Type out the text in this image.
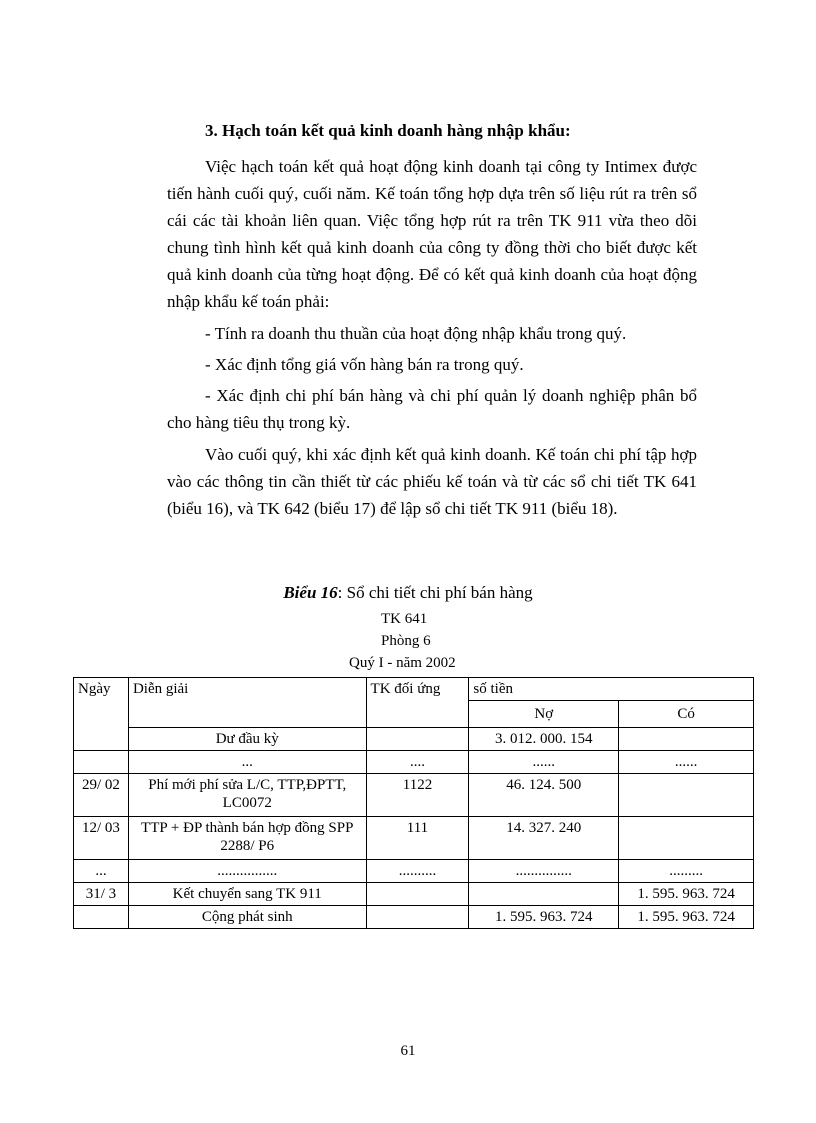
3. Hạch toán kết quả kinh doanh hàng nhập khẩu:

Việc hạch toán kết quả hoạt động kinh doanh tại công ty Intimex được tiến hành cuối quý, cuối năm. Kế toán tổng hợp dựa trên số liệu rút ra trên sổ cái các tài khoản liên quan. Việc tổng hợp rút ra trên TK 911 vừa theo dõi chung tình hình kết quả kinh doanh của công ty đồng thời cho biết được kết quả kinh doanh của từng hoạt động. Để có kết quả kinh doanh của hoạt động nhập khẩu kế toán phải:

- Tính ra doanh thu thuần của hoạt động nhập khẩu trong quý.

- Xác định tổng giá vốn hàng bán ra trong quý.

- Xác định chi phí bán hàng và chi phí quản lý doanh nghiệp phân bổ cho hàng tiêu thụ trong kỳ.

Vào cuối quý, khi xác định kết quả kinh doanh. Kế toán chi phí tập hợp vào các thông tin cần thiết từ các phiếu kế toán và từ các sổ chi tiết TK 641 (biểu 16), và TK 642 (biểu 17) để lập sổ chi tiết TK 911 (biểu 18).

Biểu 16: Sổ chi tiết chi phí bán hàng

TK 641

Phòng 6

Quý I - năm 2002

Ngày	Diễn giải	TK đối ứng	số tiền	
			Nợ	Có
	Dư đầu kỳ		3. 012. 000. 154	
	...	....	......	......
29/ 02	Phí mới phí sửa L/C, TTP,ĐPTT, LC0072	1122	46. 124. 500	
12/ 03	TTP + ĐP thành bán hợp đồng SPP 2288/ P6	111	14. 327. 240	
...	................	..........	...............	.........
31/ 3	Kết chuyển sang TK 911			1. 595. 963. 724
	Cộng phát sinh		1. 595. 963. 724	1. 595. 963. 724

61
